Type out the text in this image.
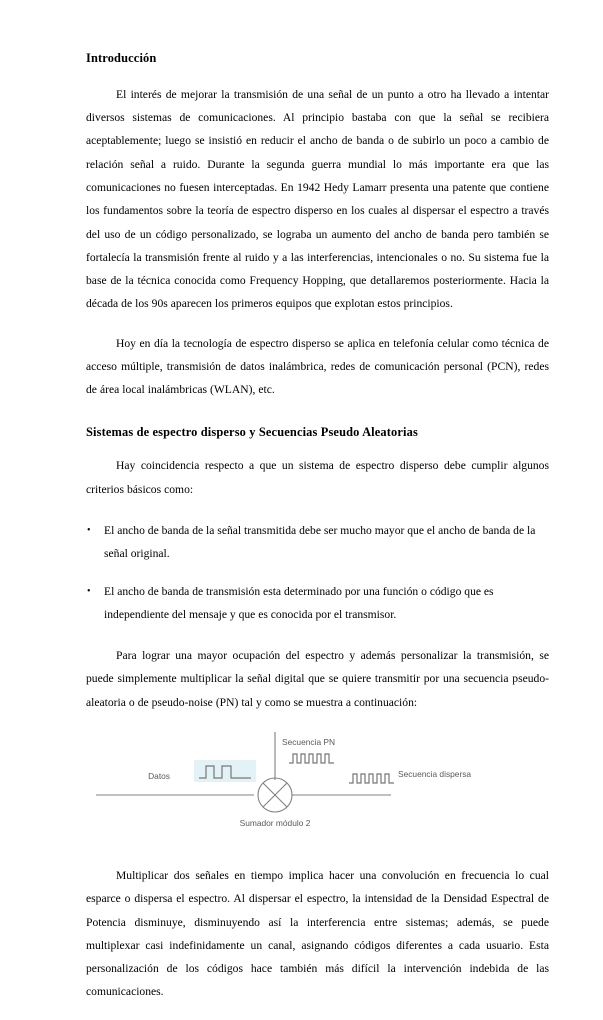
Introducción

El interés de mejorar la transmisión de una señal de un punto a otro ha llevado a intentar diversos sistemas de comunicaciones. Al principio bastaba con que la señal se recibiera aceptablemente; luego se insistió en reducir el ancho de banda o de subirlo un poco a cambio de relación señal a ruido. Durante la segunda guerra mundial lo más importante era que las comunicaciones no fuesen interceptadas. En 1942 Hedy Lamarr presenta una patente que contiene los fundamentos sobre la teoría de espectro disperso en los cuales al dispersar el espectro a través del uso de un código personalizado, se lograba un aumento del ancho de banda pero también se fortalecía la transmisión frente al ruido y a las interferencias, intencionales o no. Su sistema fue la base de la técnica conocida como Frequency Hopping, que detallaremos posteriormente. Hacia la década de los 90s aparecen los primeros equipos que explotan estos principios.

Hoy en día la tecnología de espectro disperso se aplica en telefonía celular como técnica de acceso múltiple, transmisión de datos inalámbrica, redes de comunicación personal (PCN), redes de área local inalámbricas (WLAN), etc.

Sistemas de espectro disperso y Secuencias Pseudo Aleatorias

Hay coincidencia respecto a que un sistema de espectro disperso debe cumplir algunos criterios básicos como:

• El ancho de banda de la señal transmitida debe ser mucho mayor que el ancho de banda de la señal original.
• El ancho de banda de transmisión esta determinado por una función o código que es independiente del mensaje y que es conocida por el transmisor.

Para lograr una mayor ocupación del espectro y además personalizar la transmisión, se puede simplemente multiplicar la señal digital que se quiere transmitir por una secuencia pseudo-aleatoria o de pseudo-noise (PN) tal y como se muestra a continuación:

Datos
Secuencia PN
Secuencia dispersa
Sumador módulo 2

Multiplicar dos señales en tiempo implica hacer una convolución en frecuencia lo cual esparce o dispersa el espectro. Al dispersar el espectro, la intensidad de la Densidad Espectral de Potencia disminuye, disminuyendo así la interferencia entre sistemas; además, se puede multiplexar casi indefinidamente un canal, asignando códigos diferentes a cada usuario. Esta personalización de los códigos hace también más difícil la intervención indebida de las comunicaciones.
